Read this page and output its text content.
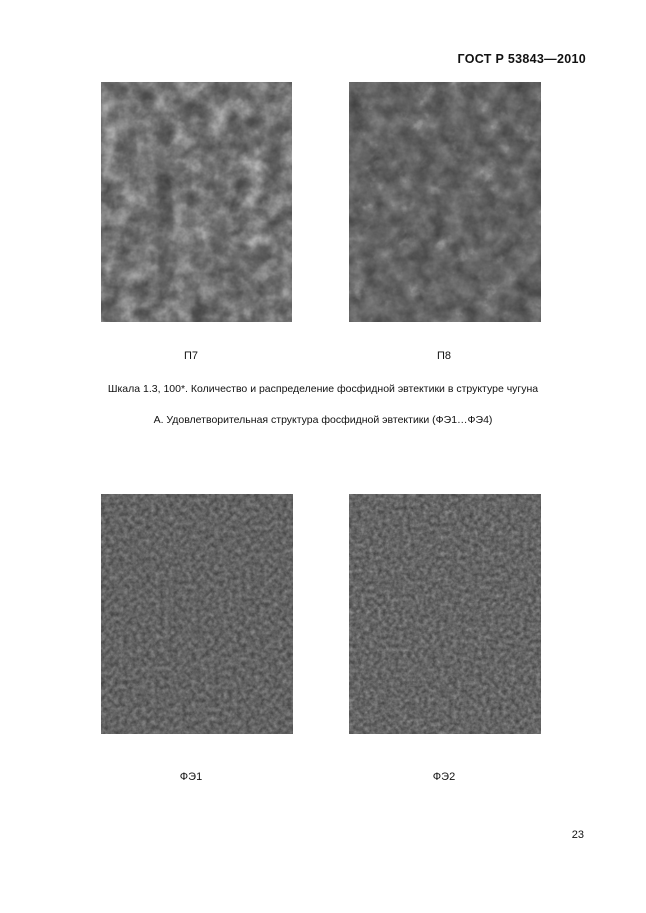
ГОСТ Р 53843—2010
П7	П8
Шкала 1.3, 100*. Количество и распределение фосфидной эвтектики в структуре чугуна
А. Удовлетворительная структура фосфидной эвтектики (ФЭ1…ФЭ4)
ФЭ1	ФЭ2
23
